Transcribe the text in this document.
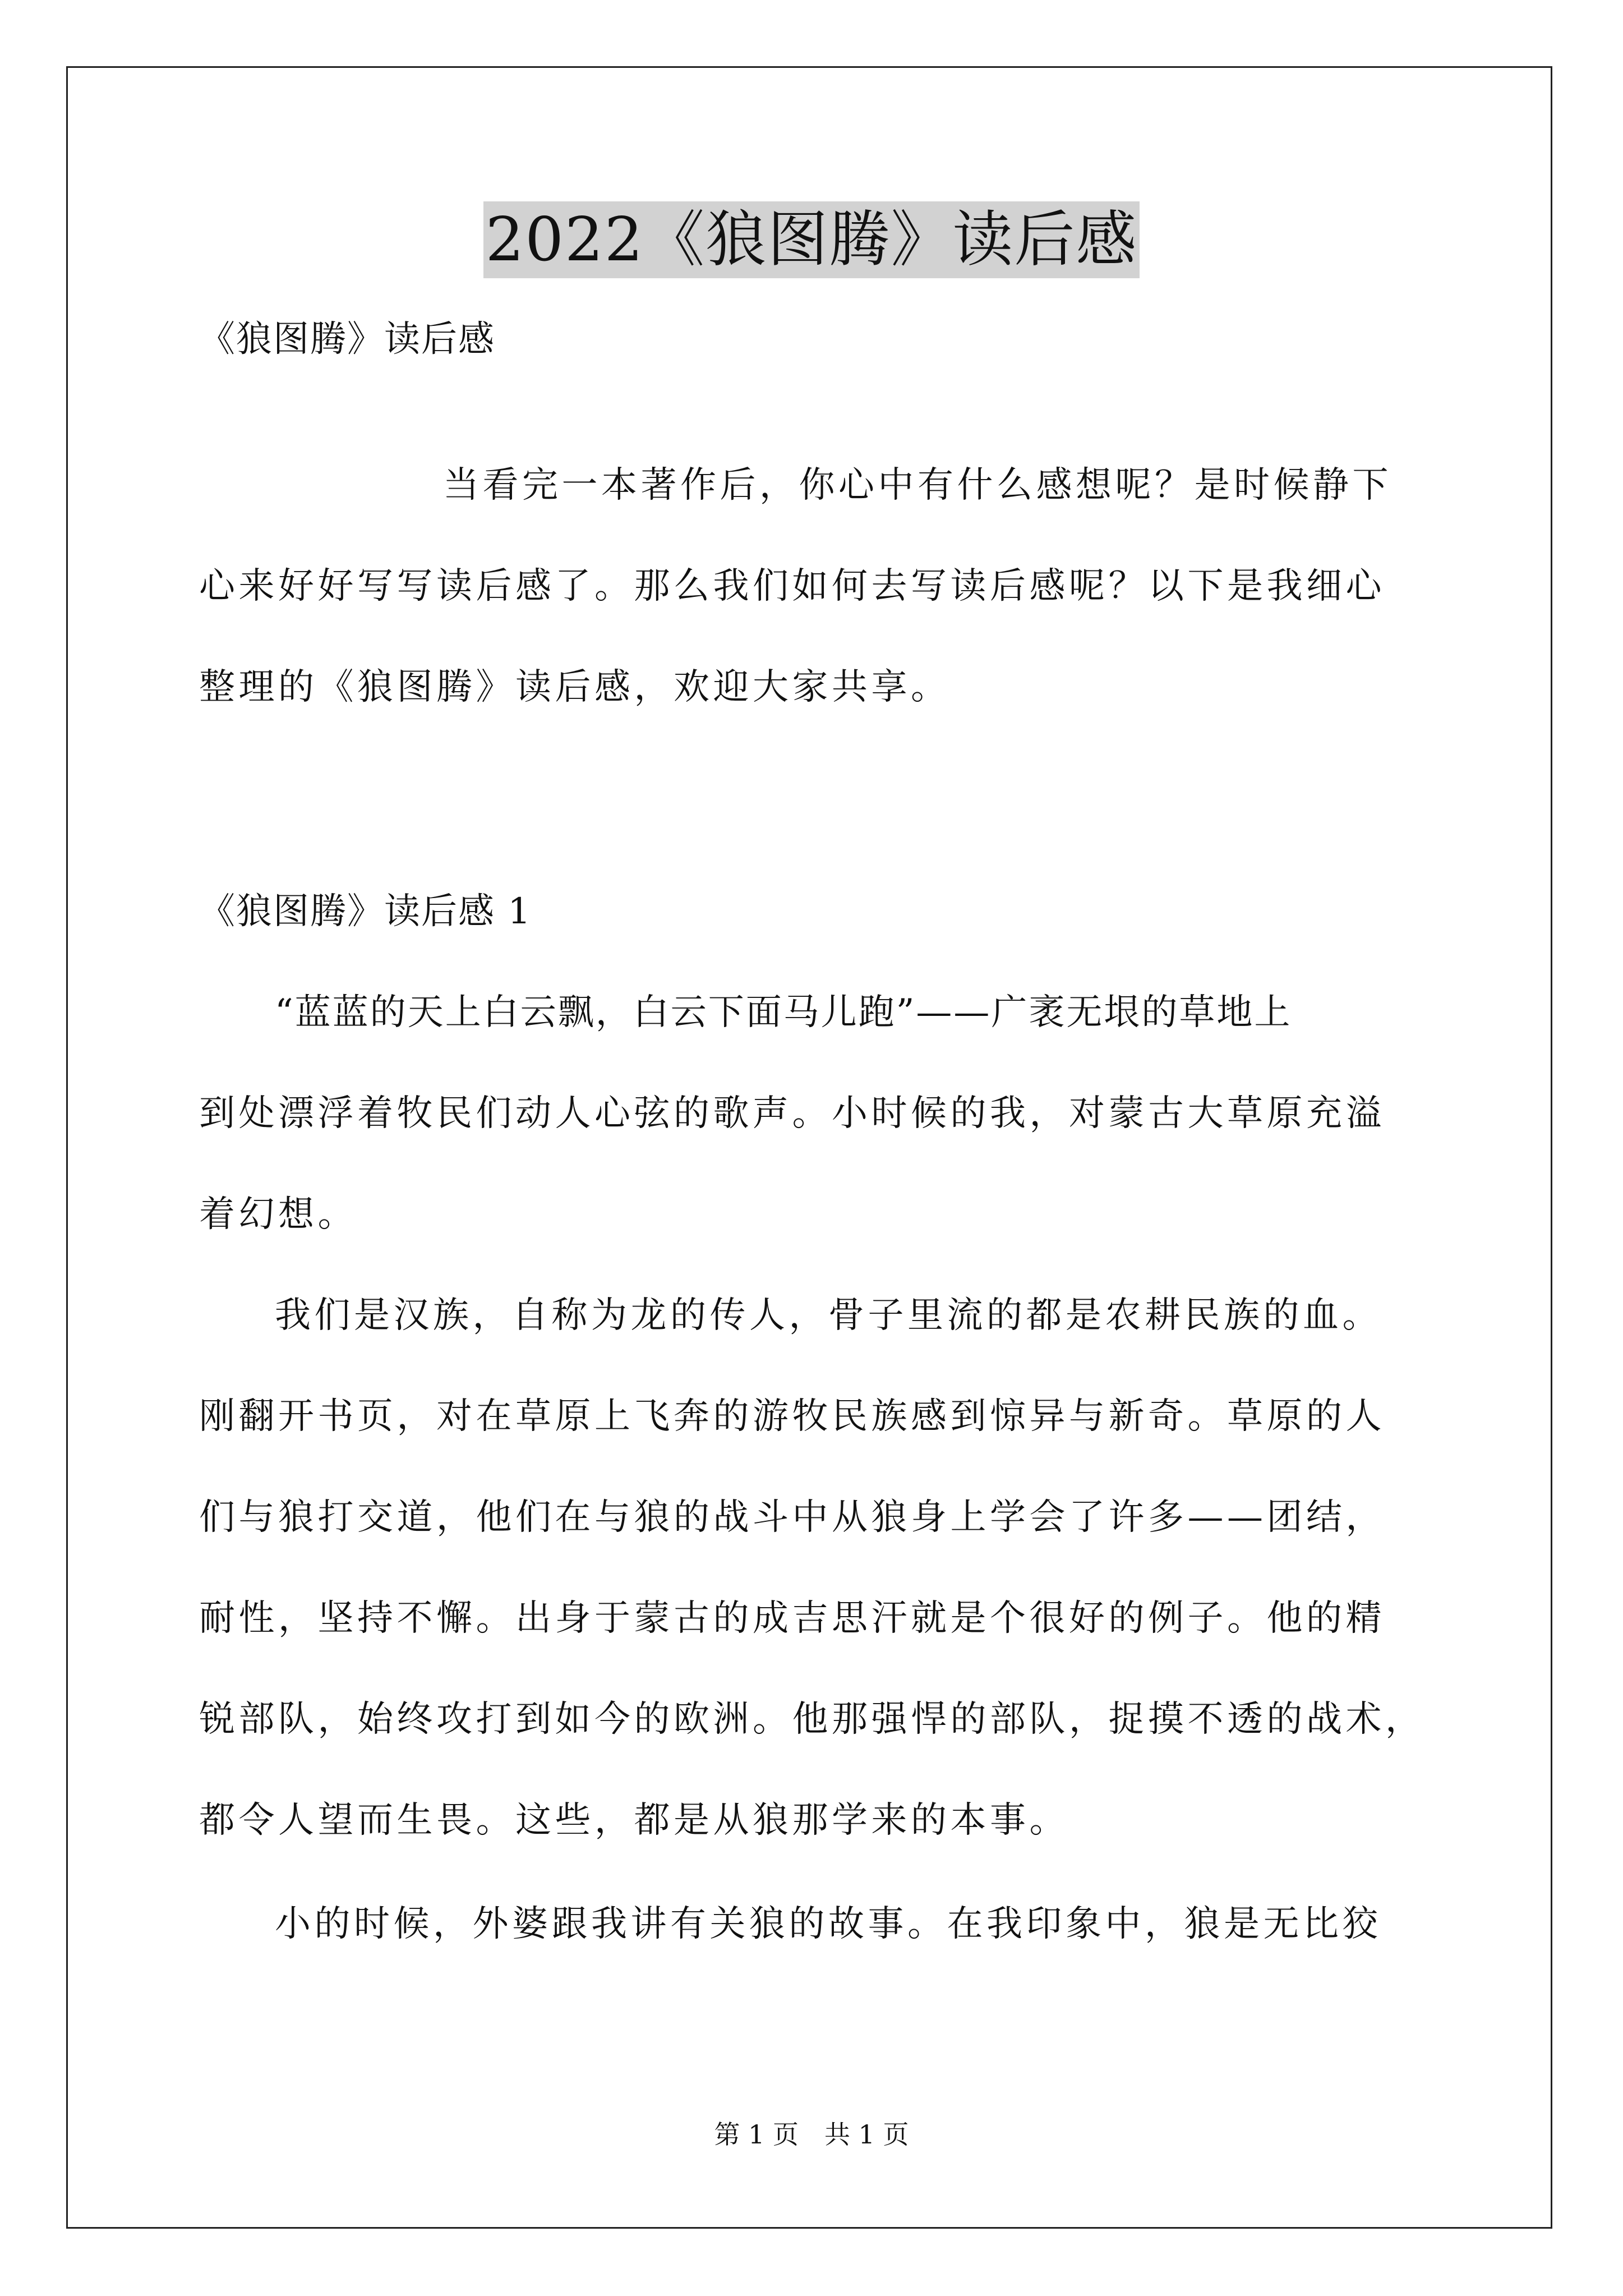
2022《狼图腾》读后感
《狼图腾》读后感
当看完一本著作后，你心中有什么感想呢？是时候静下
心来好好写写读后感了。那么我们如何去写读后感呢？以下是我细心
整理的《狼图腾》读后感，欢迎大家共享。
《狼图腾》读后感 1
“蓝蓝的天上白云飘，白云下面马儿跑”——广袤无垠的草地上
到处漂浮着牧民们动人心弦的歌声。小时候的我，对蒙古大草原充溢
着幻想。
我们是汉族，自称为龙的传人，骨子里流的都是农耕民族的血。
刚翻开书页，对在草原上飞奔的游牧民族感到惊异与新奇。草原的人
们与狼打交道，他们在与狼的战斗中从狼身上学会了许多——团结，
耐性，坚持不懈。出身于蒙古的成吉思汗就是个很好的例子。他的精
锐部队，始终攻打到如今的欧洲。他那强悍的部队，捉摸不透的战术，
都令人望而生畏。这些，都是从狼那学来的本事。
小的时候，外婆跟我讲有关狼的故事。在我印象中，狼是无比狡
第 1 页　共 1 页
